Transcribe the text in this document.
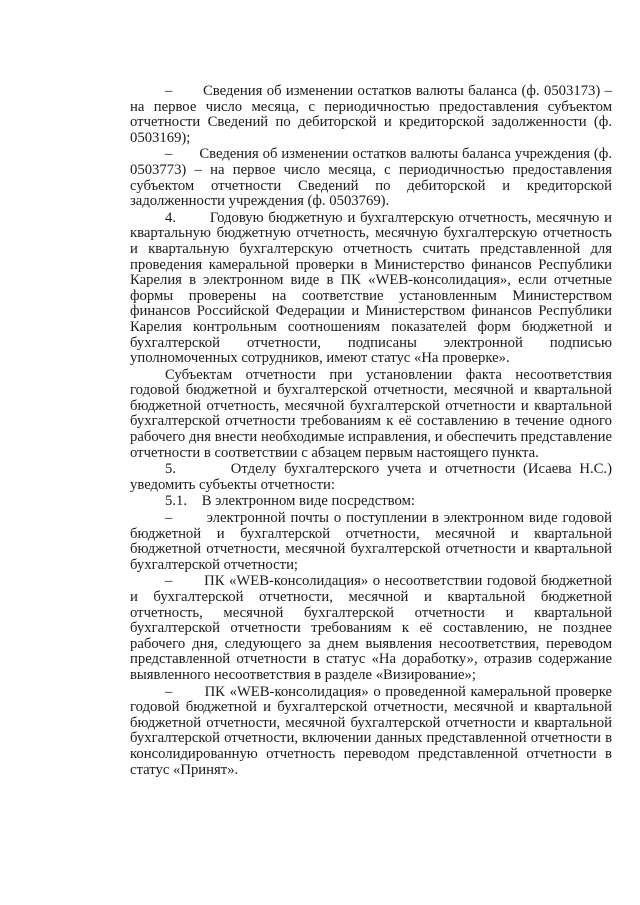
–       Сведения об изменении остатков валюты баланса (ф. 0503173) – на первое число месяца, с периодичностью предоставления субъектом отчетности Сведений по дебиторской и кредиторской задолженности (ф. 0503169);

–       Сведения об изменении остатков валюты баланса учреждения (ф. 0503773) – на первое число месяца, с периодичностью предоставления субъектом отчетности Сведений по дебиторской и кредиторской задолженности учреждения (ф. 0503769).

4.       Годовую бюджетную и бухгалтерскую отчетность, месячную и квартальную бюджетную отчетность, месячную бухгалтерскую отчетность и квартальную бухгалтерскую отчетность считать представленной для проведения камеральной проверки в Министерство финансов Республики Карелия в электронном виде в ПК «WEB-консолидация», если отчетные формы проверены на соответствие установленным Министерством финансов Российской Федерации и Министерством финансов Республики Карелия контрольным соотношениям показателей форм бюджетной и бухгалтерской отчетности, подписаны электронной подписью уполномоченных сотрудников, имеют статус «На проверке».

Субъектам отчетности при установлении факта несоответствия годовой бюджетной и бухгалтерской отчетности, месячной и квартальной бюджетной отчетность, месячной бухгалтерской отчетности и квартальной бухгалтерской отчетности требованиям к её составлению в течение одного рабочего дня внести необходимые исправления, и обеспечить представление отчетности в соответствии с абзацем первым настоящего пункта.

5.       Отделу бухгалтерского учета и отчетности (Исаева Н.С.) уведомить субъекты отчетности:

5.1.    В электронном виде посредством:

–       электронной почты о поступлении в электронном виде годовой бюджетной и бухгалтерской отчетности, месячной и квартальной бюджетной отчетности, месячной бухгалтерской отчетности и квартальной бухгалтерской отчетности;

–       ПК «WEB-консолидация» о несоответствии годовой бюджетной и бухгалтерской отчетности, месячной и квартальной бюджетной отчетность, месячной бухгалтерской отчетности и квартальной бухгалтерской отчетности требованиям к её составлению, не позднее рабочего дня, следующего за днем выявления несоответствия, переводом представленной отчетности в статус «На доработку», отразив содержание выявленного несоответствия в разделе «Визирование»;

–       ПК «WEB-консолидация» о проведенной камеральной проверке годовой бюджетной и бухгалтерской отчетности, месячной и квартальной бюджетной отчетности, месячной бухгалтерской отчетности и квартальной бухгалтерской отчетности, включении данных представленной отчетности в консолидированную отчетность переводом представленной отчетности в статус «Принят».
